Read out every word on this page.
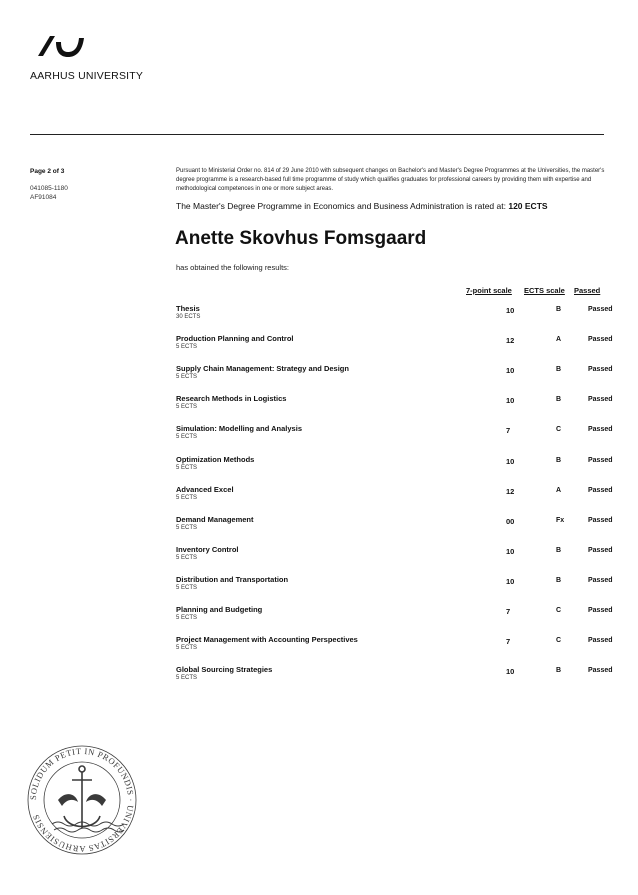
AARHUS UNIVERSITY
Page 2 of 3
041085-1180
AF91084
Pursuant to Ministerial Order no. 814 of 29 June 2010 with subsequent changes on Bachelor's and Master's Degree Programmes at the Universities, the master's degree programme is a research-based full time programme of study which qualifies graduates for professional careers by providing them with expertise and methodological competences in one or more subject areas.
The Master's Degree Programme in Economics and Business Administration is rated at: 120 ECTS
Anette Skovhus Fomsgaard
has obtained the following results:
7-point scale ECTS scale Passed
Thesis
30 ECTS
10	B	Passed
Production Planning and Control
5 ECTS
12	A	Passed
Supply Chain Management: Strategy and Design
5 ECTS
10	B	Passed
Research Methods in Logistics
5 ECTS
10	B	Passed
Simulation: Modelling and Analysis
5 ECTS
7	C	Passed
Optimization Methods
5 ECTS
10	B	Passed
Advanced Excel
5 ECTS
12	A	Passed
Demand Management
5 ECTS
00	Fx	Passed
Inventory Control
5 ECTS
10	B	Passed
Distribution and Transportation
5 ECTS
10	B	Passed
Planning and Budgeting
5 ECTS
7	C	Passed
Project Management with Accounting Perspectives
5 ECTS
7	C	Passed
Global Sourcing Strategies
5 ECTS
10	B	Passed
SOLIDUM PETIT IN PROFUNDIS · UNIVERSITAS ARHUSIENSIS
